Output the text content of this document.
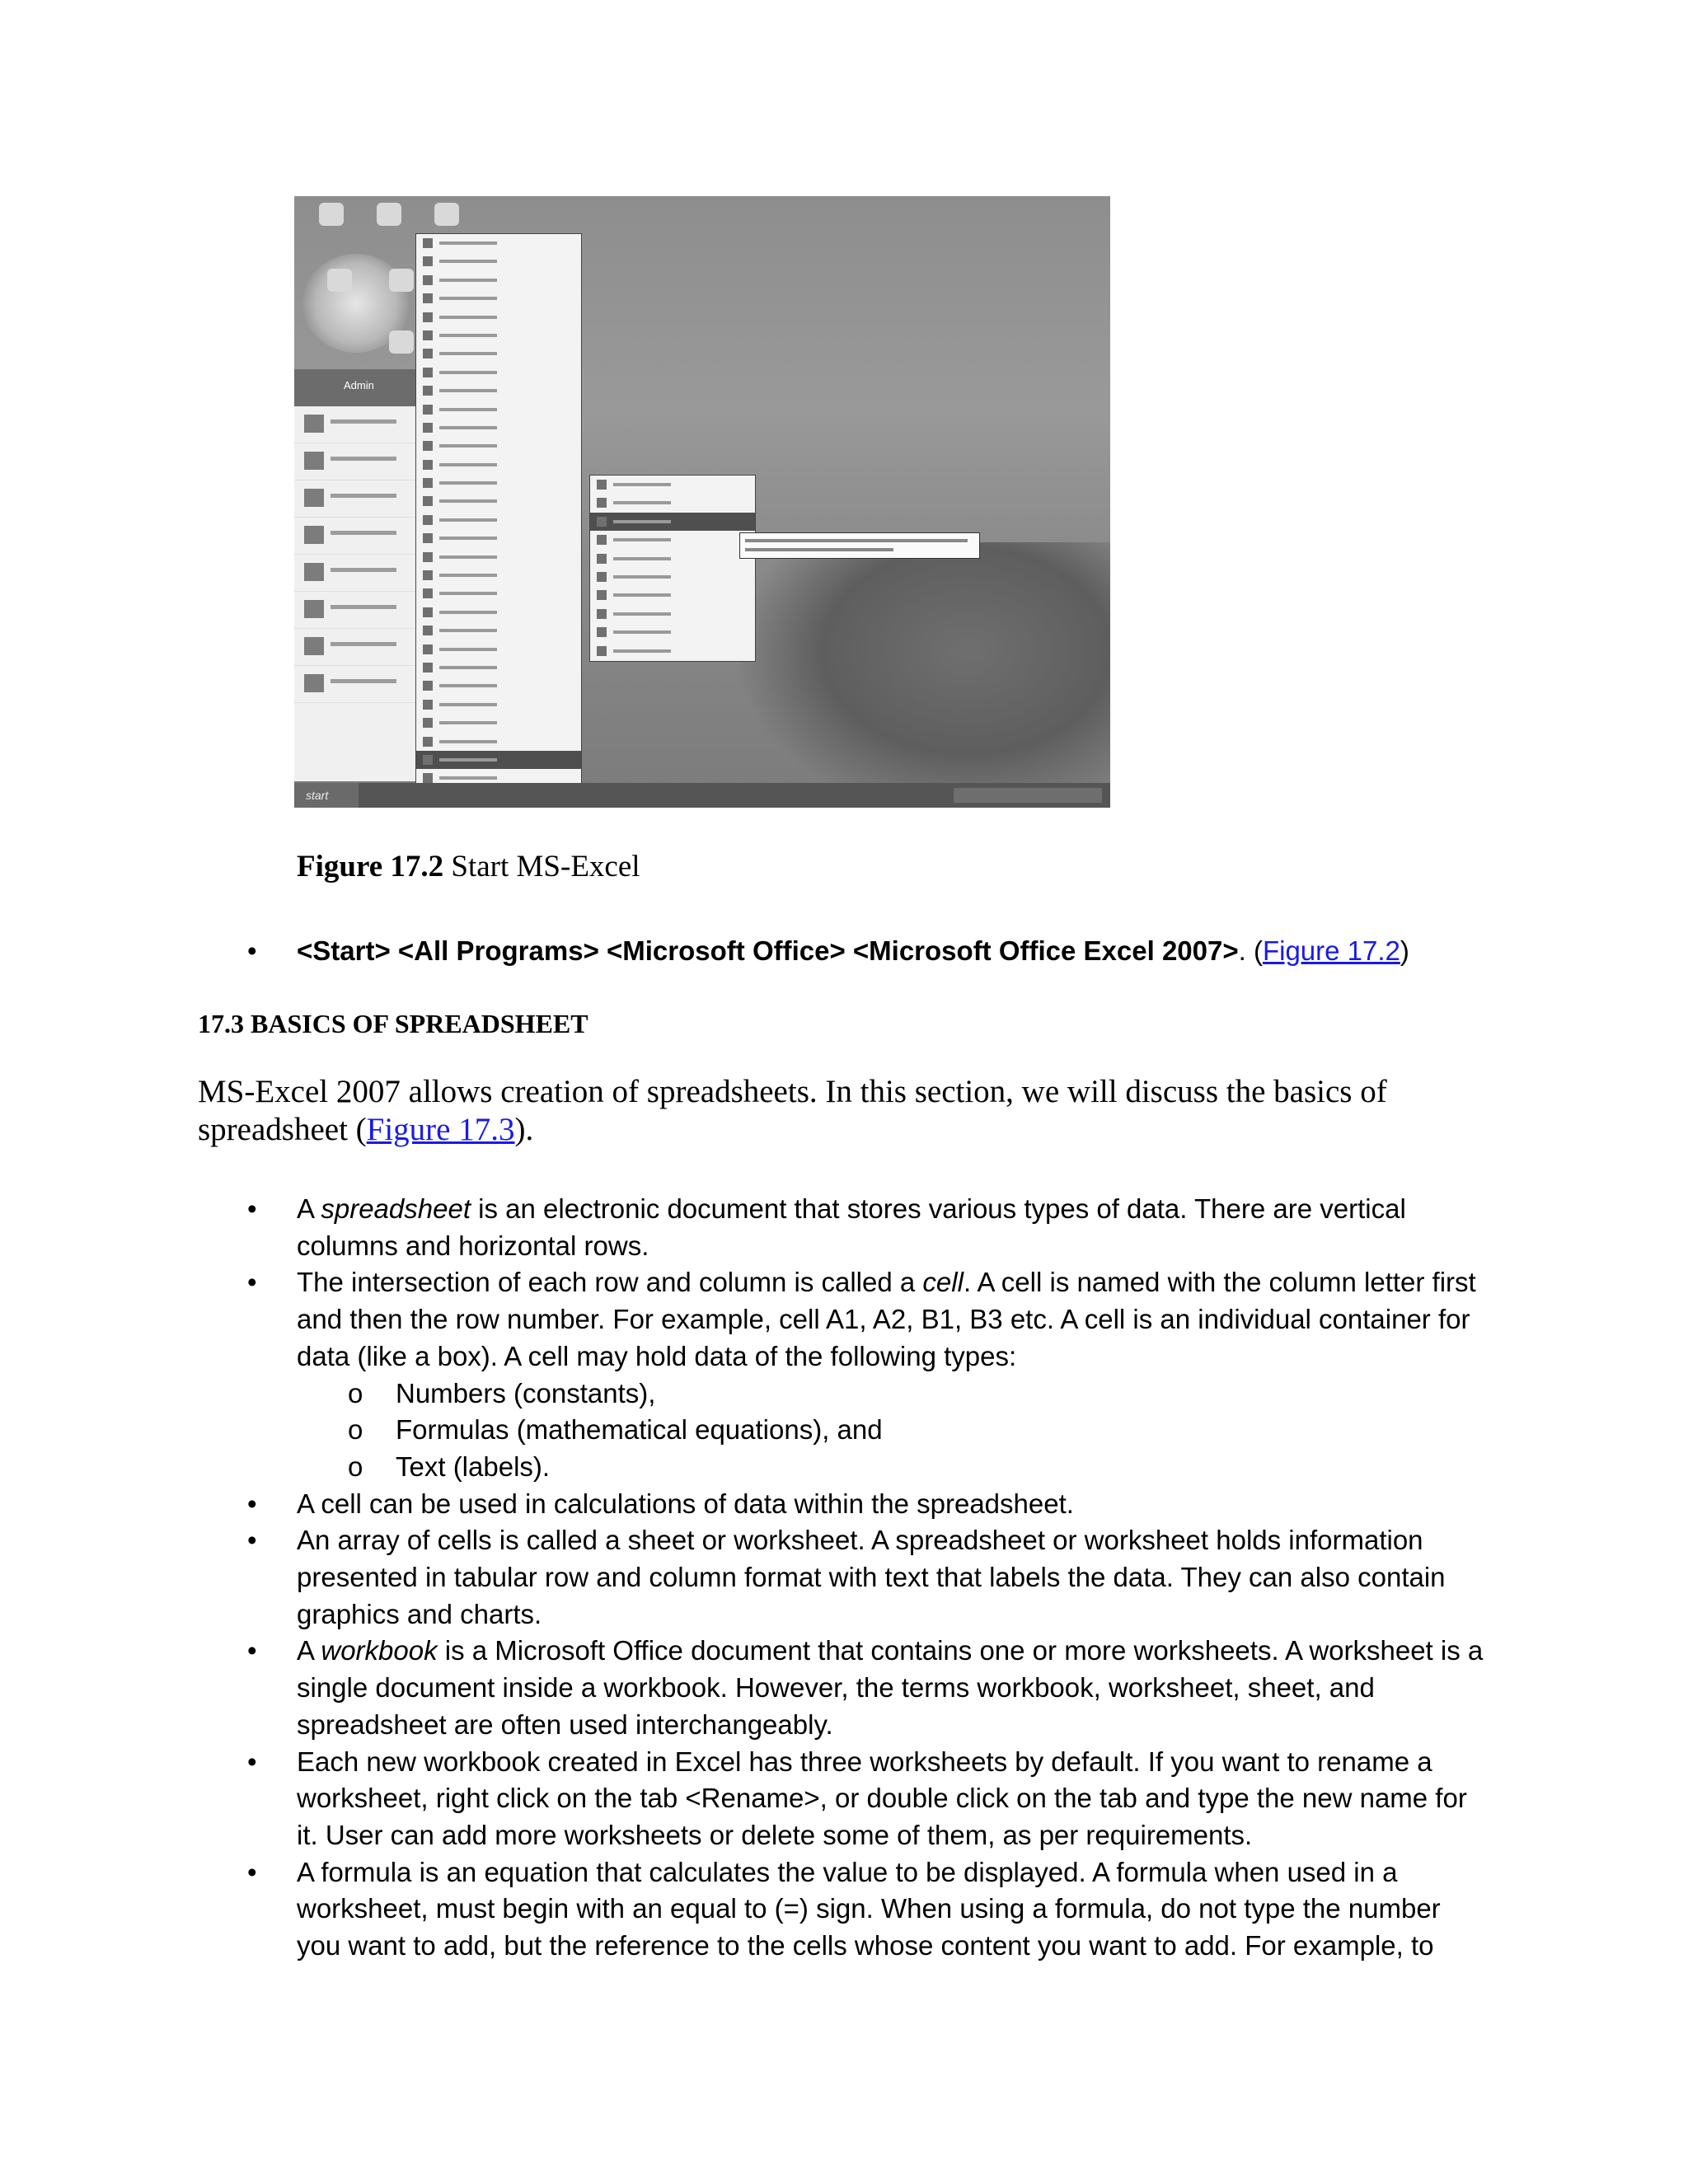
Admin
start
Figure 17.2 Start MS-Excel
•	<Start> <All Programs> <Microsoft Office> <Microsoft Office Excel 2007>. (Figure 17.2)
17.3 BASICS OF SPREADSHEET
MS-Excel 2007 allows creation of spreadsheets. In this section, we will discuss the basics of spreadsheet (Figure 17.3).
• A spreadsheet is an electronic document that stores various types of data. There are vertical columns and horizontal rows.
• The intersection of each row and column is called a cell. A cell is named with the column letter first and then the row number. For example, cell A1, A2, B1, B3 etc. A cell is an individual container for data (like a box). A cell may hold data of the following types:
o Numbers (constants),
o Formulas (mathematical equations), and
o Text (labels).
• A cell can be used in calculations of data within the spreadsheet.
• An array of cells is called a sheet or worksheet. A spreadsheet or worksheet holds information presented in tabular row and column format with text that labels the data. They can also contain graphics and charts.
• A workbook is a Microsoft Office document that contains one or more worksheets. A worksheet is a single document inside a workbook. However, the terms workbook, worksheet, sheet, and spreadsheet are often used interchangeably.
• Each new workbook created in Excel has three worksheets by default. If you want to rename a worksheet, right click on the tab <Rename>, or double click on the tab and type the new name for it. User can add more worksheets or delete some of them, as per requirements.
• A formula is an equation that calculates the value to be displayed. A formula when used in a worksheet, must begin with an equal to (=) sign. When using a formula, do not type the number you want to add, but the reference to the cells whose content you want to add. For example, to
